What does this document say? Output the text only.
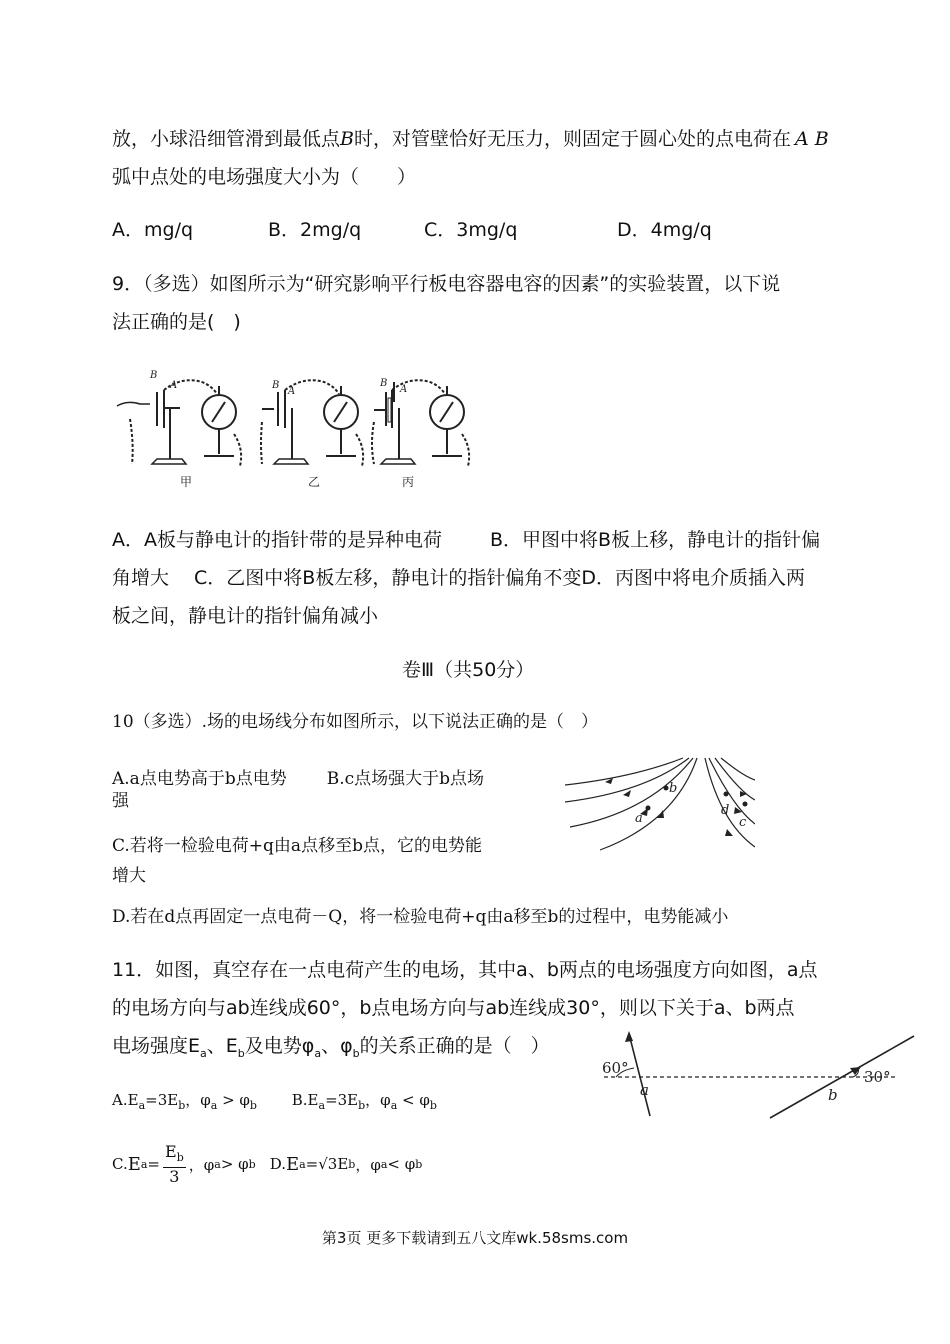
放，小球沿细管滑到最低点B时，对管壁恰好无压力，则固定于圆心处的点电荷在 A B
弧中点处的电场强度大小为（　　）
A．mg/q	B．2mg/q	C．3mg/q	D．4mg/q
9．（多选）如图所示为“研究影响平行板电容器电容的因素”的实验装置，以下说
法正确的是(　)
B
A	B
A
B
A
甲	乙	丙
A．A板与静电计的指针带的是异种电荷	B．甲图中将B板上移，静电计的指针偏
角增大　 C．乙图中将B板左移，静电计的指针偏角不变D．丙图中将电介质插入两
板之间，静电计的指针偏角减小
卷Ⅲ（共50分）
10（多选）.场的电场线分布如图所示，以下说法正确的是（　）
A.a点电势高于b点电势 B.c点场强大于b点场
强
C.若将一检验电荷+q由a点移至b点，它的电势能
增大
D.若在d点再固定一点电荷－Q，将一检验电荷+q由a移至b的过程中，电势能减小
b
a
d
c
11．如图，真空存在一点电荷产生的电场，其中a、b两点的电场强度方向如图，a点
的电场方向与ab连线成60°，b点电场方向与ab连线成30°，则以下关于a、b两点
电场强度$E_a$、$E_b$及电势$\varphi_a$、$\varphi_b$的关系正确的是（　）
$A.E_a=3E_b$，$\varphi_a > \varphi_b$ $B.E_a=3E_b$，$\varphi_a < \varphi_b$
C. E $a = \frac{E_b}{3}$ ，φ a > φ b D. E a =√3E b ，φ a < φ b
60°	30°
a	b
第3页 更多下载请到五八文库wk.58sms.com
